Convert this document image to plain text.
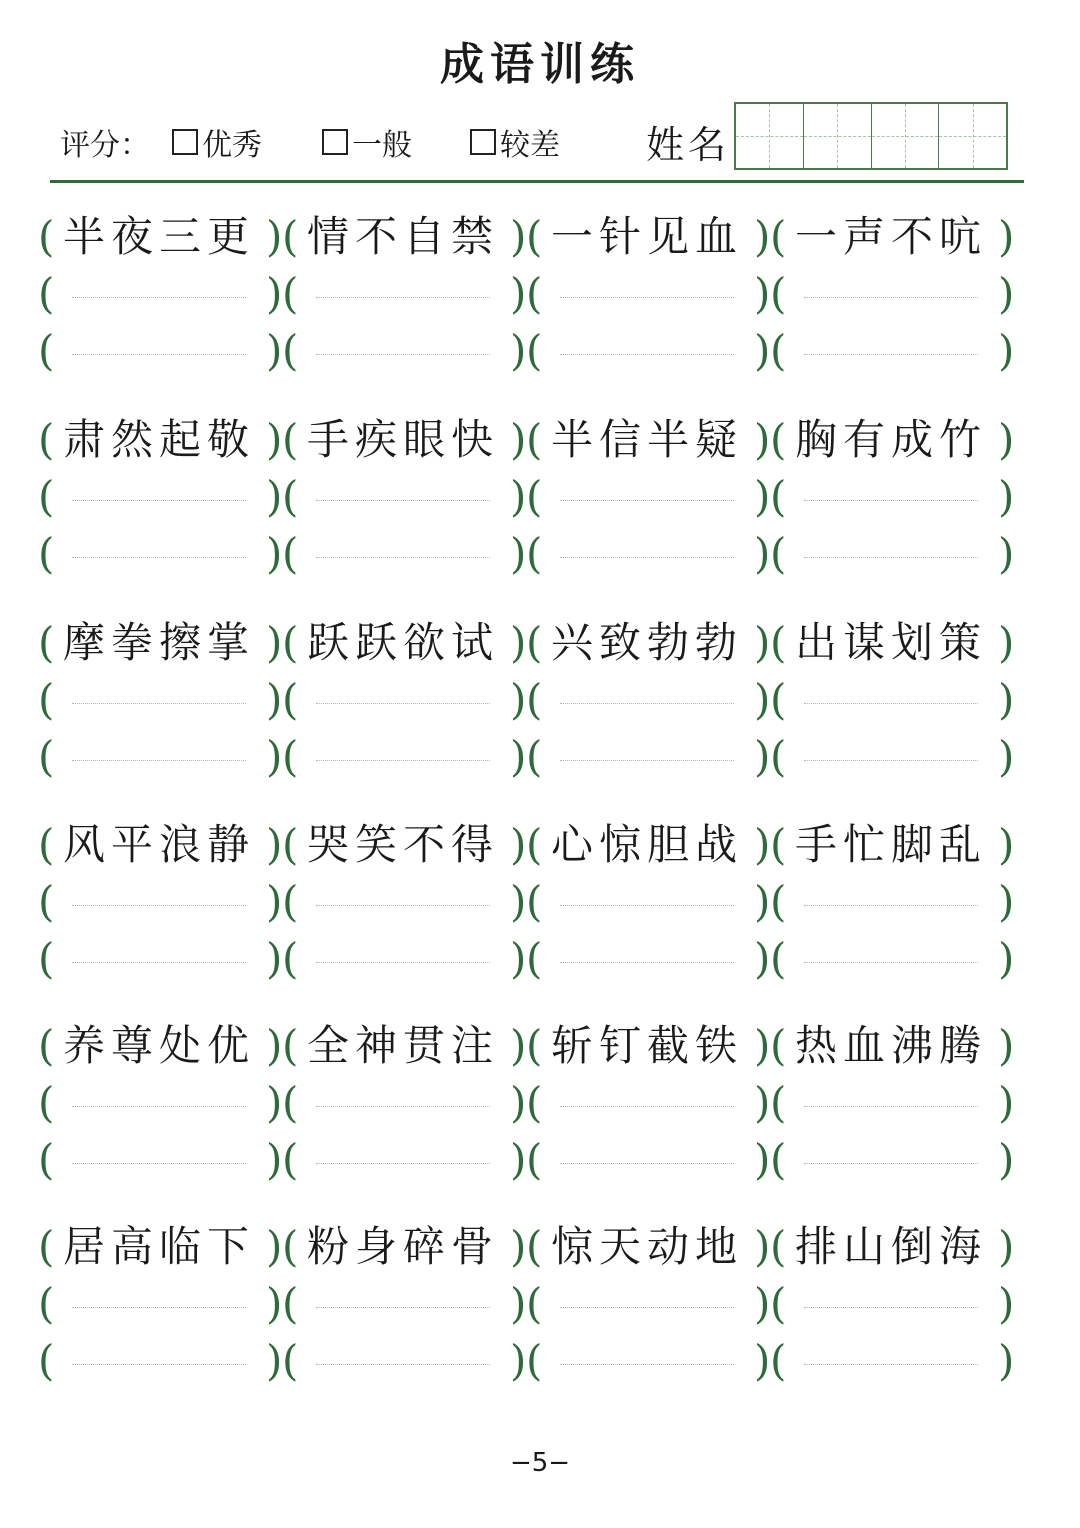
成语训练
评分： 优秀	一般	较差 姓名
( 半夜三更 ) ( 情不自禁 ) ( 一针见血 ) ( 一声不吭 )
(	) (	) (	) (	)
(	) (	) (	) (	)
( 肃然起敬 ) ( 手疾眼快 ) ( 半信半疑 ) ( 胸有成竹 )
(	) (	) (	) (	)
(	) (	) (	) (	)
( 摩拳擦掌 ) ( 跃跃欲试 ) ( 兴致勃勃 ) ( 出谋划策 )
(	) (	) (	) (	)
(	) (	) (	) (	)
( 风平浪静 ) ( 哭笑不得 ) ( 心惊胆战 ) ( 手忙脚乱 )
(	) (	) (	) (	)
(	) (	) (	) (	)
( 养尊处优 ) ( 全神贯注 ) ( 斩钉截铁 ) ( 热血沸腾 )
(	) (	) (	) (	)
(	) (	) (	) (	)
( 居高临下 ) ( 粉身碎骨 ) ( 惊天动地 ) ( 排山倒海 )
(	) (	) (	) (	)
(	) (	) (	) (	)
−5−
